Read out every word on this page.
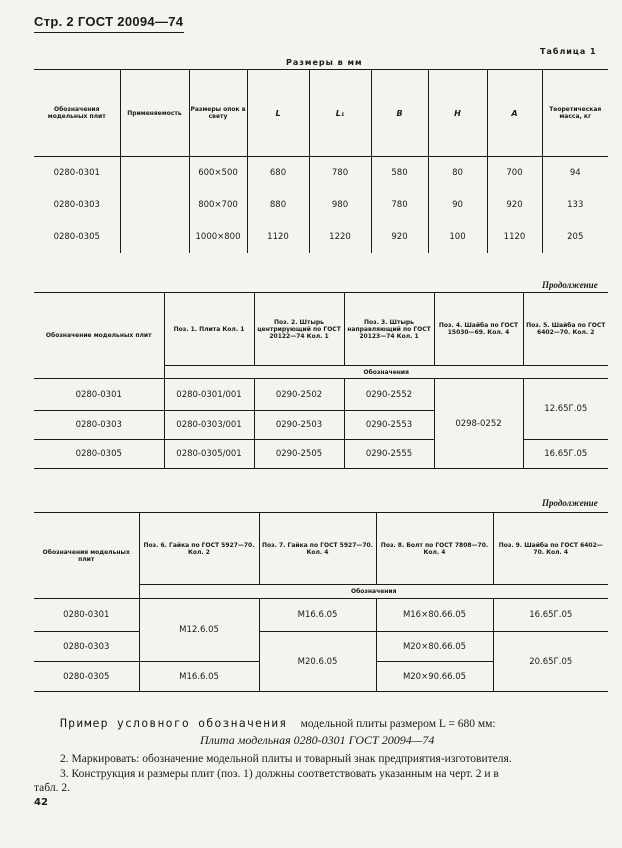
Стр. 2 ГОСТ 20094—74
Таблица 1
Размеры в мм
Обозначения модельных плит	Применяемость	Размеры опок в свету	L	L₁	B	H	A	Теоретическая масса, кг
0280-0301		600×500	680	780	580	80	700	94
0280-0303		800×700	880	980	780	90	920	133
0280-0305		1000×800	1120	1220	920	100	1120	205
Продолжение
Обозначение модельных плит	Поз. 1. Плита Кол. 1	Поз. 2. Штырь центрирующий по ГОСТ 20122—74 Кол. 1	Поз. 3. Штырь направляющий по ГОСТ 20123—74 Кол. 1	Поз. 4. Шайба по ГОСТ 15030—69. Кол. 4	Поз. 5. Шайба по ГОСТ 6402—70. Кол. 2
	Обозначения				
0280-0301	0280-0301/001	0290-2502	0290-2552	0298-0252	12.65Г.05
0280-0303	0280-0303/001	0290-2503	0290-2553		
0280-0305	0280-0305/001	0290-2505	0290-2555		16.65Г.05
Продолжение
Обозначения модельных плит	Поз. 6. Гайка по ГОСТ 5927—70. Кол. 2	Поз. 7. Гайка по ГОСТ 5927—70. Кол. 4	Поз. 8. Болт по ГОСТ 7808—70. Кол. 4	Поз. 9. Шайба по ГОСТ 6402—70. Кол. 4
	Обозначения			
0280-0301	М12.6.05	М16.6.05	М16×80.66.05	16.65Г.05
0280-0303		М20.6.05	М20×80.66.05	20.65Г.05
0280-0305	М16.6.05		М20×90.66.05	
Пример условного обозначения модельной плиты размером L = 680 мм:
Плита модельная 0280-0301 ГОСТ 20094—74
2. Маркировать: обозначение модельной плиты и товарный знак предприятия-изготовителя.
3. Конструкция и размеры плит (поз. 1) должны соответствовать указанным на черт. 2 и в
табл. 2.
42
